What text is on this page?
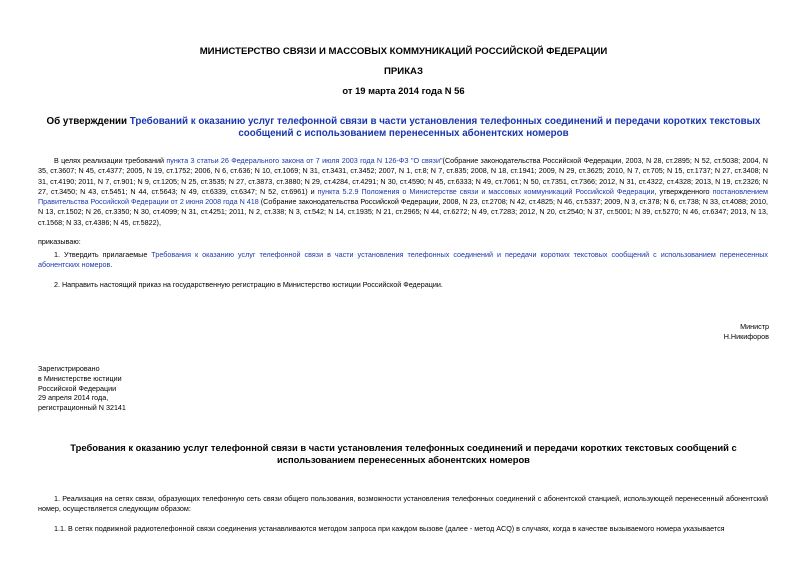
МИНИСТЕРСТВО СВЯЗИ И МАССОВЫХ КОММУНИКАЦИЙ РОССИЙСКОЙ ФЕДЕРАЦИИ
ПРИКАЗ
от 19 марта 2014 года N 56
Об утверждении Требований к оказанию услуг телефонной связи в части установления телефонных соединений и передачи коротких текстовых сообщений с использованием перенесенных абонентских номеров
В целях реализации требований пункта 3 статьи 26 Федерального закона от 7 июля 2003 года N 126-ФЗ "О связи"(Собрание законодательства Российской Федерации, 2003, N 28, ст.2895; N 52, ст.5038; 2004, N 35, ст.3607; N 45, ст.4377; 2005, N 19, ст.1752; 2006, N 6, ст.636; N 10, ст.1069; N 31, ст.3431, ст.3452; 2007, N 1, ст.8; N 7, ст.835; 2008, N 18, ст.1941; 2009, N 29, ст.3625; 2010, N 7, ст.705; N 15, ст.1737; N 27, ст.3408; N 31, ст.4190; 2011, N 7, ст.901; N 9, ст.1205; N 25, ст.3535; N 27, ст.3873, ст.3880; N 29, ст.4284, ст.4291; N 30, ст.4590; N 45, ст.6333; N 49, ст.7061; N 50, ст.7351, ст.7366; 2012, N 31, ст.4322, ст.4328; 2013, N 19, ст.2326; N 27, ст.3450; N 43, ст.5451; N 44, ст.5643; N 49, ст.6339, ст.6347; N 52, ст.6961) и пункта 5.2.9 Положения о Министерстве связи и массовых коммуникаций Российской Федерации, утвержденного постановлением Правительства Российской Федерации от 2 июня 2008 года N 418 (Собрание законодательства Российской Федерации, 2008, N 23, ст.2708; N 42, ст.4825; N 46, ст.5337; 2009, N 3, ст.378; N 6, ст.738; N 33, ст.4088; 2010, N 13, ст.1502; N 26, ст.3350; N 30, ст.4099; N 31, ст.4251; 2011, N 2, ст.338; N 3, ст.542; N 14, ст.1935; N 21, ст.2965; N 44, ст.6272; N 49, ст.7283; 2012, N 20, ст.2540; N 37, ст.5001; N 39, ст.5270; N 46, ст.6347; 2013, N 13, ст.1568; N 33, ст.4386; N 45, ст.5822),
приказываю:
1. Утвердить прилагаемые Требования к оказанию услуг телефонной связи в части установления телефонных соединений и передачи коротких текстовых сообщений с использованием перенесенных абонентских номеров.
2. Направить настоящий приказ на государственную регистрацию в Министерство юстиции Российской Федерации.
Министр
Н.Никифоров
Зарегистрировано
в Министерстве юстиции
Российской Федерации
29 апреля 2014 года,
регистрационный N 32141
Требования к оказанию услуг телефонной связи в части установления телефонных соединений и передачи коротких текстовых сообщений с использованием перенесенных абонентских номеров
1. Реализация на сетях связи, образующих телефонную сеть связи общего пользования, возможности установления телефонных соединений с абонентской станцией, использующей перенесенный абонентский номер, осуществляется следующим образом:
1.1. В сетях подвижной радиотелефонной связи соединения устанавливаются методом запроса при каждом вызове (далее - метод ACQ) в случаях, когда в качестве вызываемого номера указывается
